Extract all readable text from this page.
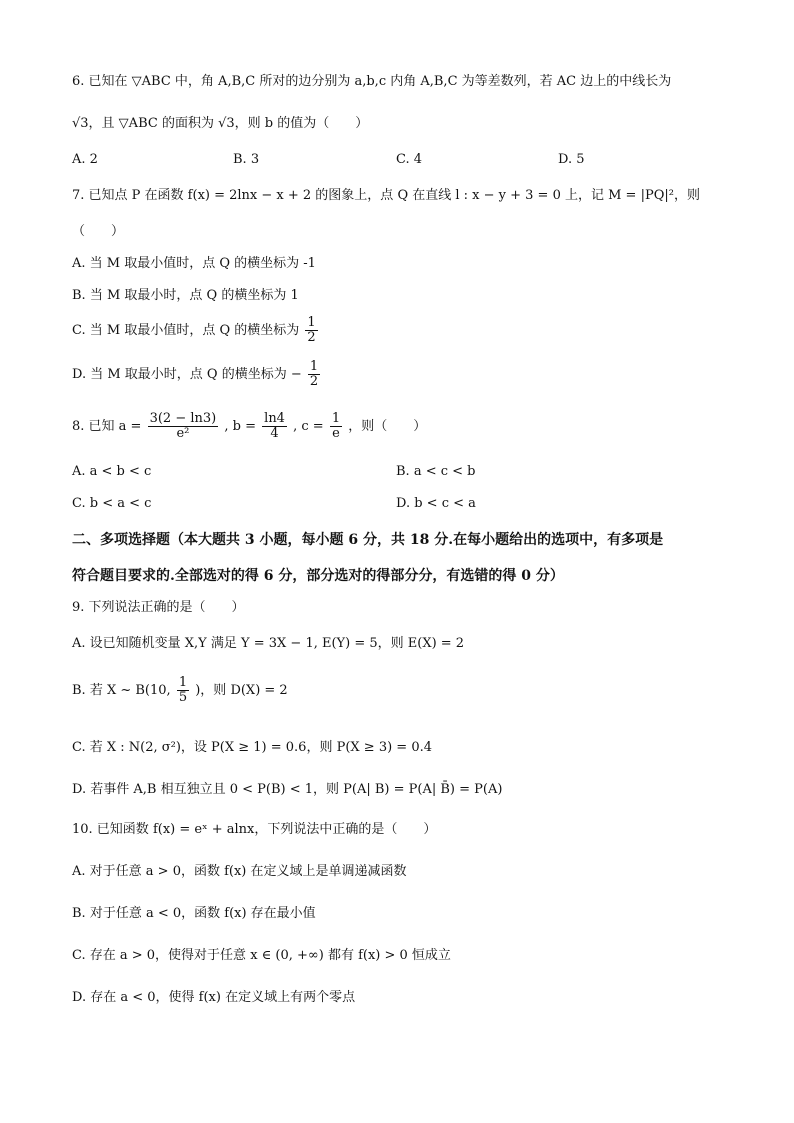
6. 已知在 ▽ABC 中，角 A,B,C 所对的边分别为 a,b,c 内角 A,B,C 为等差数列，若 AC 边上的中线长为
√3，且 ▽ABC 的面积为 √3，则 b 的值为（　　）
A. 2	B. 3	C. 4	D. 5
7. 已知点 P 在函数 f(x) = 2lnx − x + 2 的图象上，点 Q 在直线 l : x − y + 3 = 0 上，记 M = |PQ|²，则
（　　）
A. 当 M 取最小值时，点 Q 的横坐标为 -1
B. 当 M 取最小时，点 Q 的横坐标为 1
C. 当 M 取最小值时，点 Q 的横坐标为 $\frac{1}{2}$
D. 当 M 取最小时，点 Q 的横坐标为 − $\frac{1}{2}$
8. 已知 $a = \frac{3(2 - \ln 3)}{\text{e²}}$ , $b = \frac{\ln 4}{4}$ , $c = \frac{1}{e}$ ，则（　　）
A. a < b < c	B. a < c < b
C. b < a < c	D. b < c < a
二、多项选择题（本大题共 3 小题，每小题 6 分，共 18 分.在每小题给出的选项中，有多项是
符合题目要求的.全部选对的得 6 分，部分选对的得部分分，有选错的得 0 分）
9. 下列说法正确的是（　　）
A. 设已知随机变量 X,Y 满足 Y = 3X − 1, E(Y) = 5，则 E(X) = 2
B. 若 X ~ B(10, $\frac{1}{5}$ )，则 D(X) = 2
C. 若 X : N(2, σ²)，设 P(X ≥ 1) = 0.6，则 P(X ≥ 3) = 0.4
D. 若事件 A,B 相互独立且 0 < P(B) < 1，则 P(A| B) = P(A| B̄) = P(A)
10. 已知函数 f(x) = eˣ + alnx，下列说法中正确的是（　　）
A. 对于任意 a > 0，函数 f(x) 在定义域上是单调递减函数
B. 对于任意 a < 0，函数 f(x) 存在最小值
C. 存在 a > 0，使得对于任意 x ∈ (0, +∞) 都有 f(x) > 0 恒成立
D. 存在 a < 0，使得 f(x) 在定义域上有两个零点
